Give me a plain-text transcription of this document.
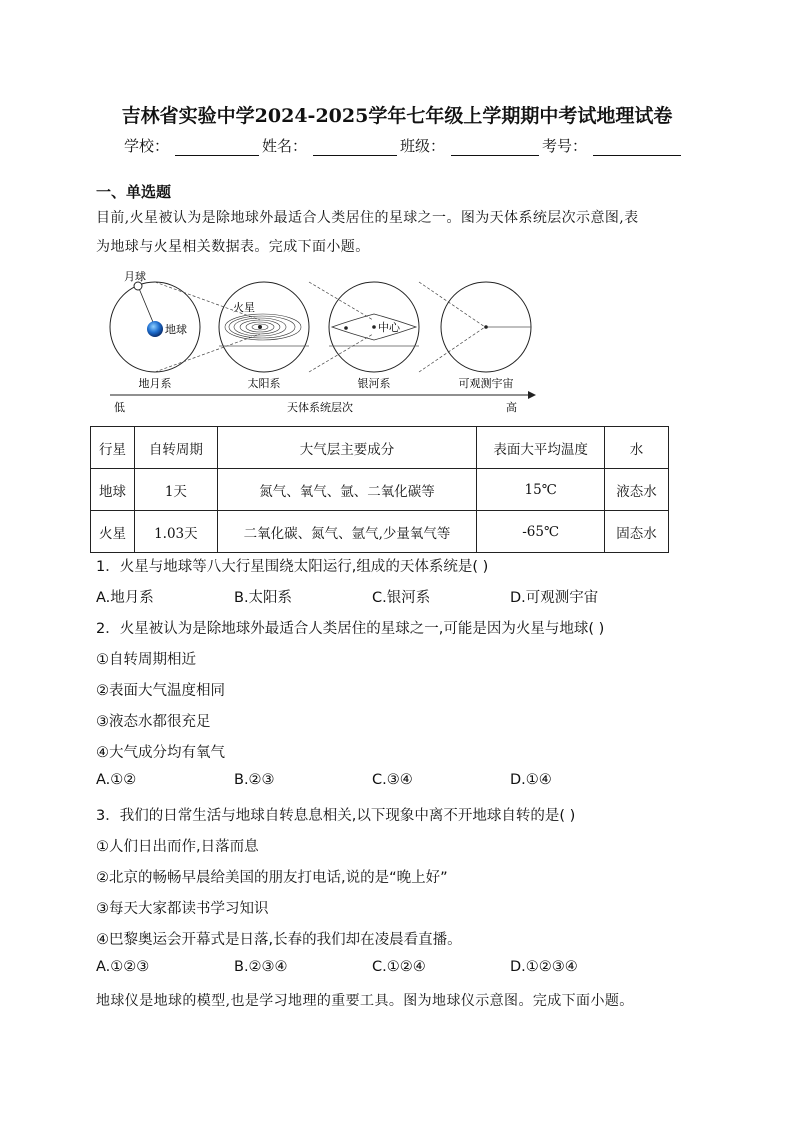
吉林省实验中学2024-2025学年七年级上学期期中考试地理试卷
学校：	姓名：	班级：	考号：
一、单选题
目前,火星被认为是除地球外最适合人类居住的星球之一。图为天体系统层次示意图,表
为地球与火星相关数据表。完成下面小题。
月球
地球
火星
中心
地月系	太阳系	银河系	可观测宇宙
低	天体系统层次	高
行星	自转周期	大气层主要成分	表面大平均温度	水
地球	1天	氮气、氧气、氩、二氧化碳等	15℃	液态水
火星	1.03天	二氧化碳、氮气、氩气,少量氧气等	-65℃	固态水
1．火星与地球等八大行星围绕太阳运行,组成的天体系统是( )
A.地月系	B.太阳系	C.银河系	D.可观测宇宙
2．火星被认为是除地球外最适合人类居住的星球之一,可能是因为火星与地球( )
①自转周期相近
②表面大气温度相同
③液态水都很充足
④大气成分均有氧气
A.①②	B.②③	C.③④	D.①④
3．我们的日常生活与地球自转息息相关,以下现象中离不开地球自转的是( )
①人们日出而作,日落而息
②北京的畅畅早晨给美国的朋友打电话,说的是“晚上好”
③每天大家都读书学习知识
④巴黎奥运会开幕式是日落,长春的我们却在凌晨看直播。
A.①②③	B.②③④	C.①②④	D.①②③④
地球仪是地球的模型,也是学习地理的重要工具。图为地球仪示意图。完成下面小题。
